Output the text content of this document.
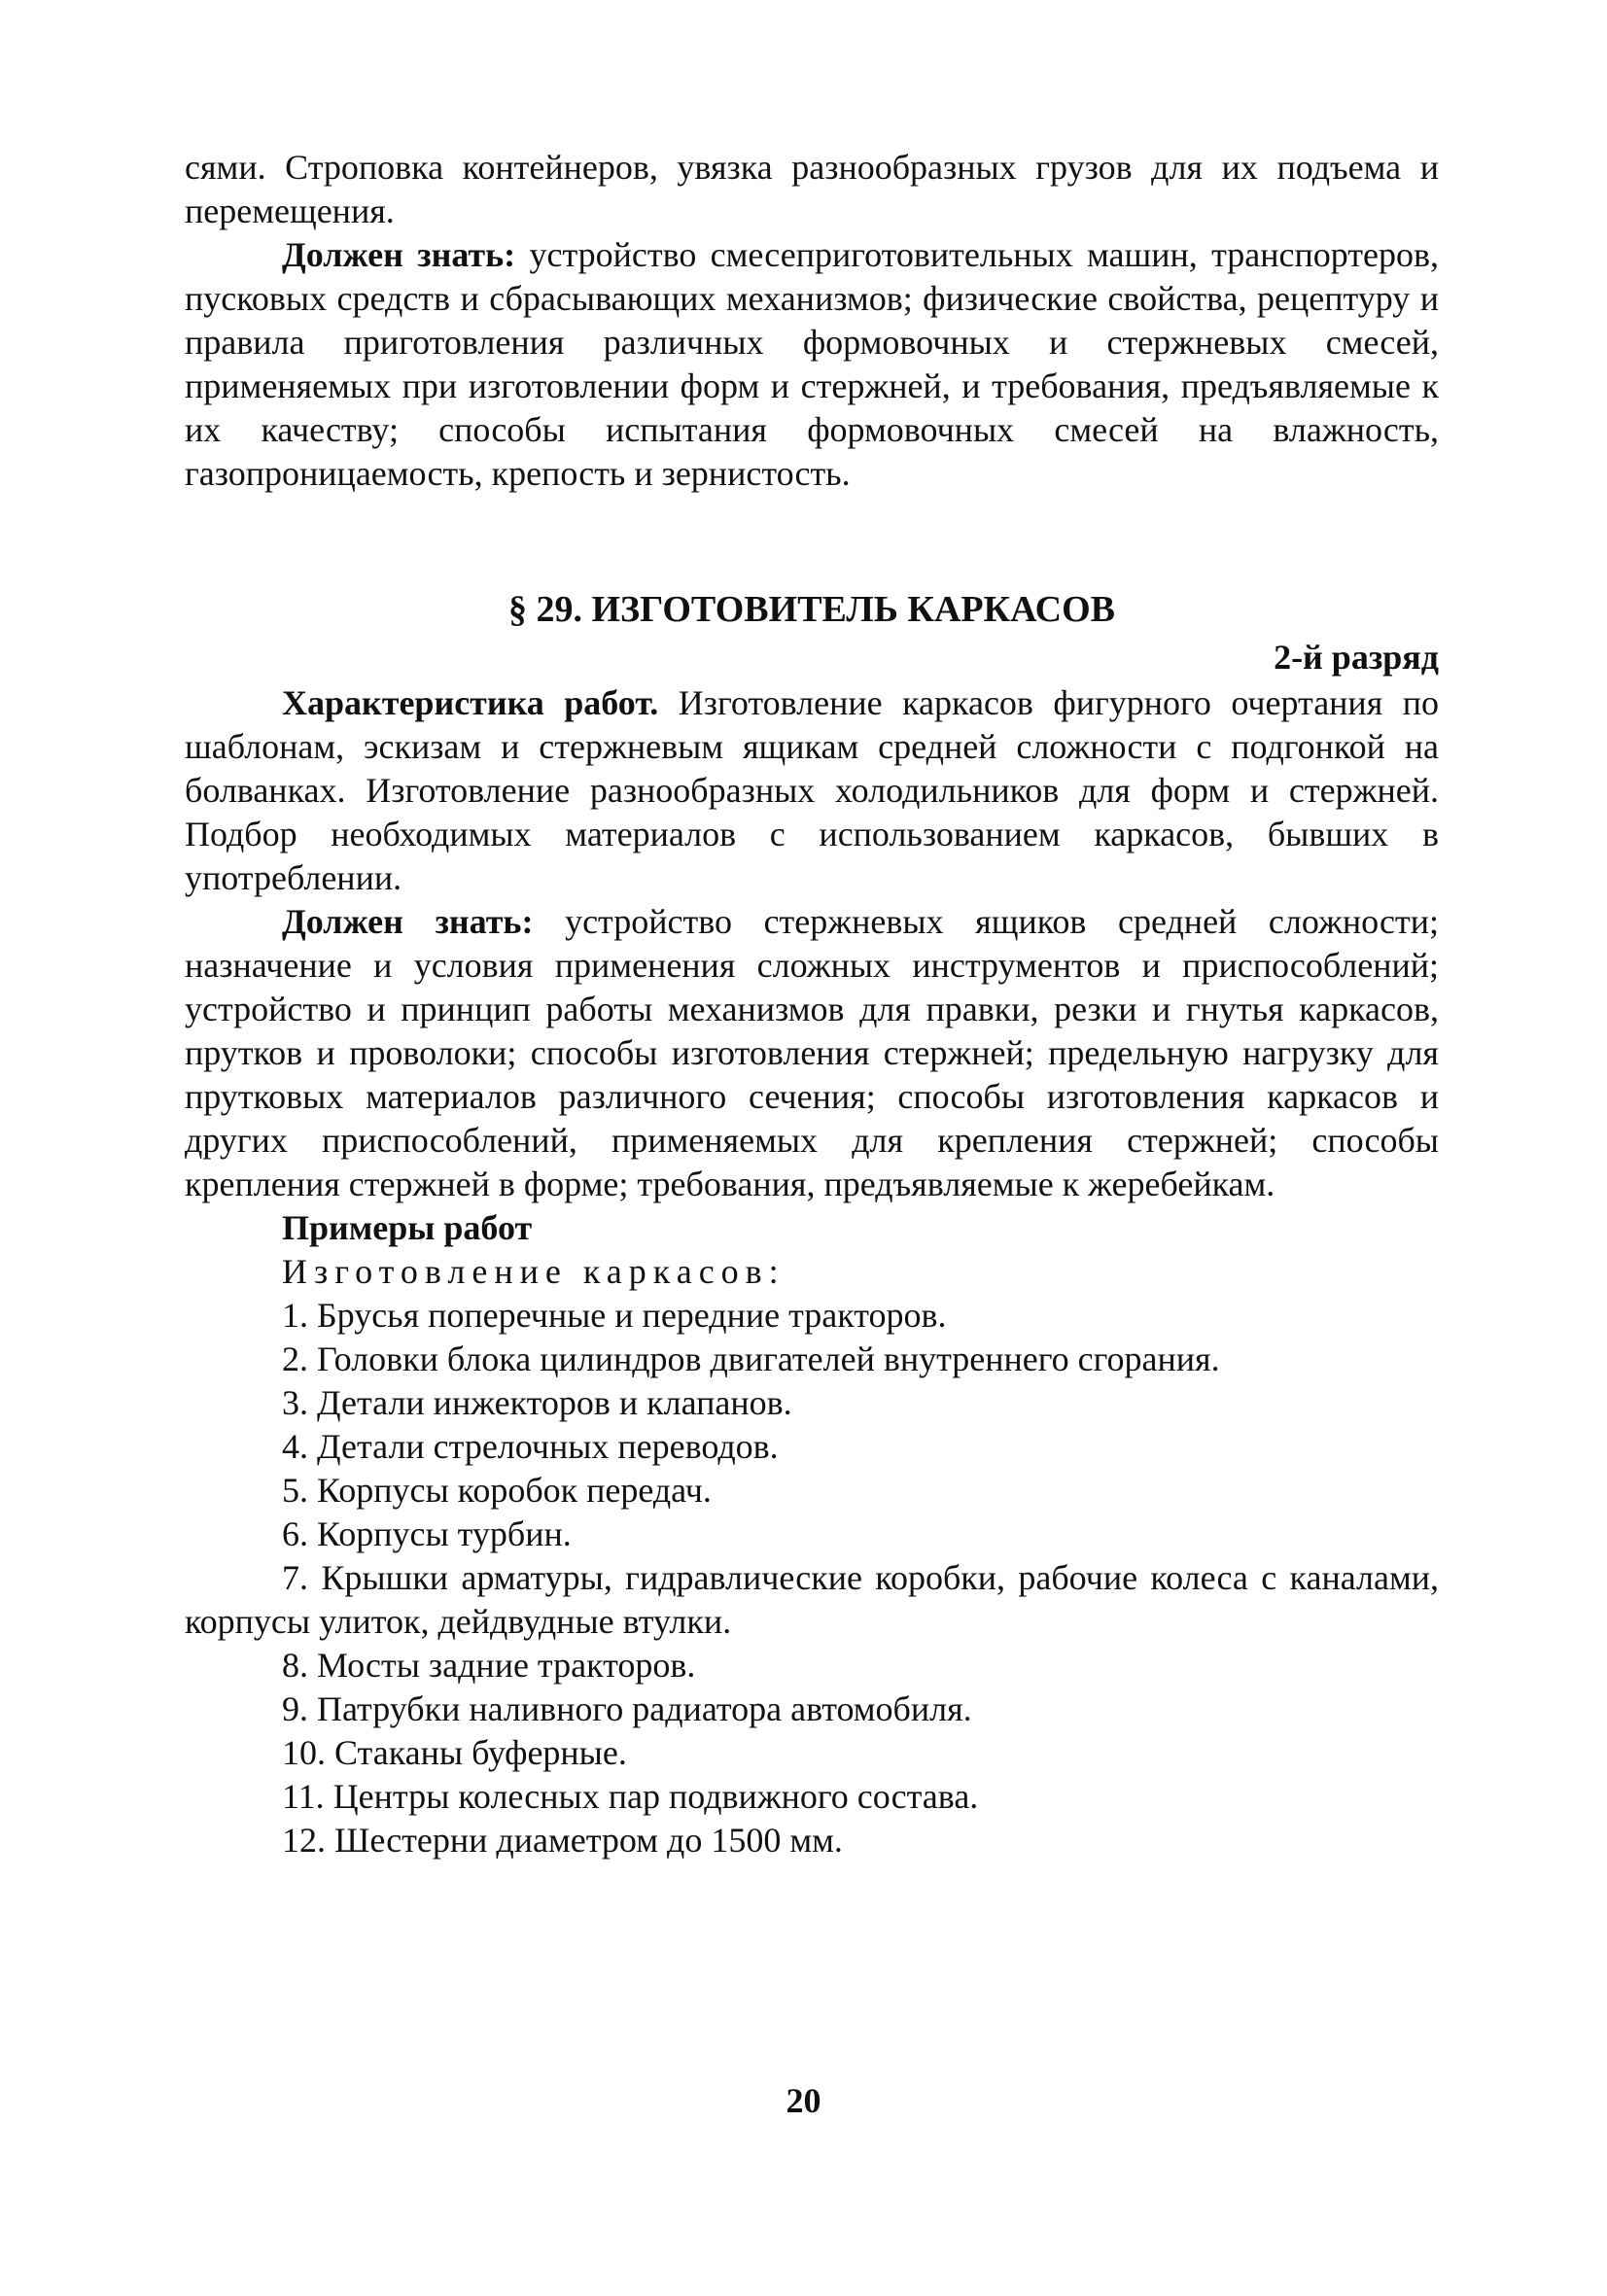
сями. Строповка контейнеров, увязка разнообразных грузов для их подъема и перемещения.

Должен знать: устройство смесеприготовительных машин, транспортеров, пусковых средств и сбрасывающих механизмов; физические свойства, рецептуру и правила приготовления различных формовочных и стержневых смесей, применяемых при изготовлении форм и стержней, и требования, предъявляемые к их качеству; способы испытания формовочных смесей на влажность, газопроницаемость, крепость и зернистость.

§ 29. ИЗГОТОВИТЕЛЬ КАРКАСОВ

2-й разряд

Характеристика работ. Изготовление каркасов фигурного очертания по шаблонам, эскизам и стержневым ящикам средней сложности с подгонкой на болванках. Изготовление разнообразных холодильников для форм и стержней. Подбор необходимых материалов с использованием каркасов, бывших в употреблении.

Должен знать: устройство стержневых ящиков средней сложности; назначение и условия применения сложных инструментов и приспособлений; устройство и принцип работы механизмов для правки, резки и гнутья каркасов, прутков и проволоки; способы изготовления стержней; предельную нагрузку для прутковых материалов различного сечения; способы изготовления каркасов и других приспособлений, применяемых для крепления стержней; способы крепления стержней в форме; требования, предъявляемые к жеребейкам.

Примеры работ

Изготовление каркасов:

1. Брусья поперечные и передние тракторов.

2. Головки блока цилиндров двигателей внутреннего сгорания.

3. Детали инжекторов и клапанов.

4. Детали стрелочных переводов.

5. Корпусы коробок передач.

6. Корпусы турбин.

7. Крышки арматуры, гидравлические коробки, рабочие колеса с каналами, корпусы улиток, дейдвудные втулки.

8. Мосты задние тракторов.

9. Патрубки наливного радиатора автомобиля.

10. Стаканы буферные.

11. Центры колесных пар подвижного состава.

12. Шестерни диаметром до 1500 мм.

20
